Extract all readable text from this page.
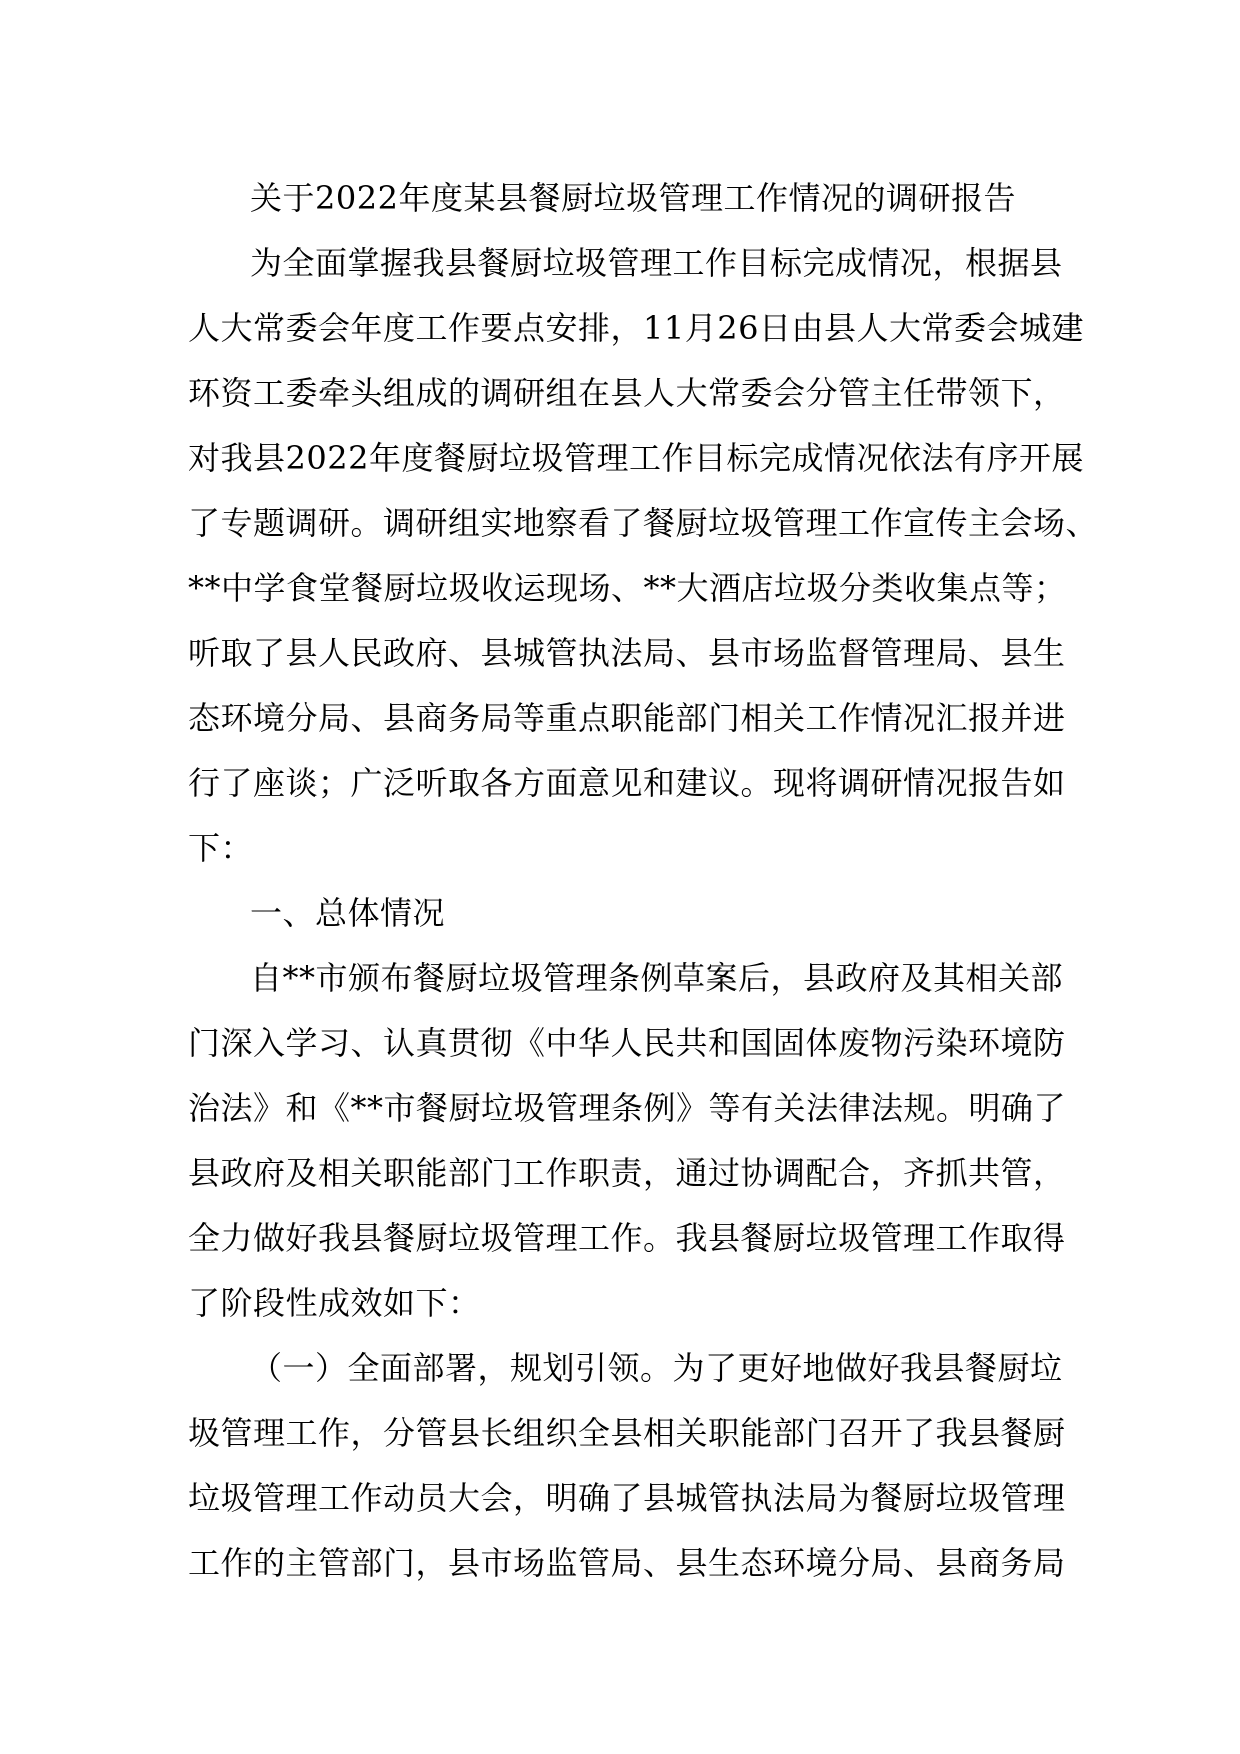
关于2022年度某县餐厨垃圾管理工作情况的调研报告
为全面掌握我县餐厨垃圾管理工作目标完成情况，根据县
人大常委会年度工作要点安排，11月26日由县人大常委会城建
环资工委牵头组成的调研组在县人大常委会分管主任带领下，
对我县2022年度餐厨垃圾管理工作目标完成情况依法有序开展
了专题调研。调研组实地察看了餐厨垃圾管理工作宣传主会场、
**中学食堂餐厨垃圾收运现场、**大酒店垃圾分类收集点等；
听取了县人民政府、县城管执法局、县市场监督管理局、县生
态环境分局、县商务局等重点职能部门相关工作情况汇报并进
行了座谈；广泛听取各方面意见和建议。现将调研情况报告如
下：
一、总体情况
自**市颁布餐厨垃圾管理条例草案后，县政府及其相关部
门深入学习、认真贯彻《中华人民共和国固体废物污染环境防
治法》和《**市餐厨垃圾管理条例》等有关法律法规。明确了
县政府及相关职能部门工作职责，通过协调配合，齐抓共管，
全力做好我县餐厨垃圾管理工作。我县餐厨垃圾管理工作取得
了阶段性成效如下：
（一）全面部署，规划引领。为了更好地做好我县餐厨垃
圾管理工作，分管县长组织全县相关职能部门召开了我县餐厨
垃圾管理工作动员大会，明确了县城管执法局为餐厨垃圾管理
工作的主管部门，县市场监管局、县生态环境分局、县商务局
